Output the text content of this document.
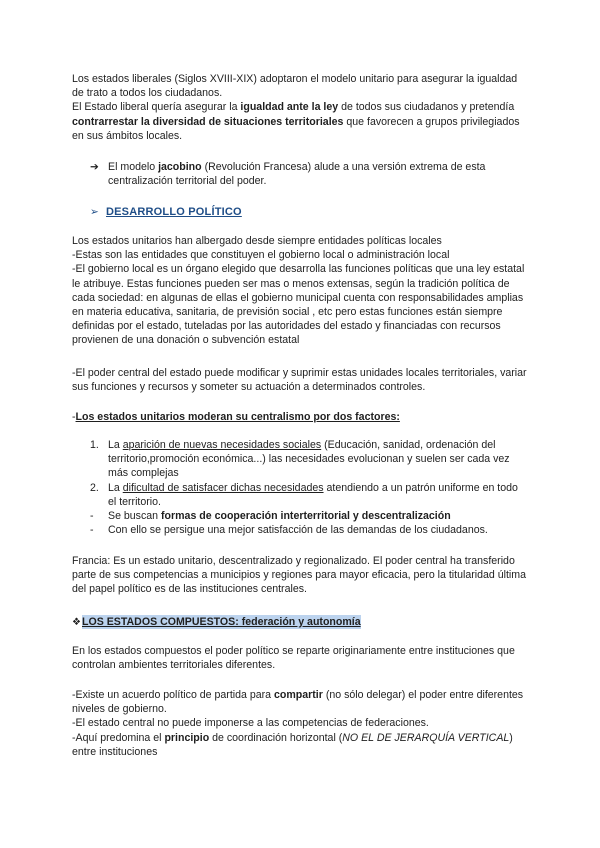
Los estados liberales (Siglos XVIII-XIX) adoptaron el modelo unitario para asegurar la igualdad de trato a todos los ciudadanos.

El Estado liberal quería asegurar la igualdad ante la ley de todos sus ciudadanos y pretendía contrarrestar la diversidad de situaciones territoriales que favorecen a grupos privilegiados en sus ámbitos locales.

➔ El modelo jacobino (Revolución Francesa) alude a una versión extrema de esta centralización territorial del poder.

➢ DESARROLLO POLÍTICO

Los estados unitarios han albergado desde siempre entidades políticas locales

-Estas son las entidades que constituyen el gobierno local o administración local

-El gobierno local es un órgano elegido que desarrolla las funciones políticas que una ley estatal le atribuye. Estas funciones pueden ser mas o menos extensas, según la tradición política de cada sociedad: en algunas de ellas el gobierno municipal cuenta con responsabilidades amplias en materia educativa, sanitaria, de previsión social , etc pero estas funciones están siempre definidas por el estado, tuteladas por las autoridades del estado y financiadas con recursos provienen de una donación o subvención estatal

-El poder central del estado puede modificar y suprimir estas unidades locales territoriales, variar sus funciones y recursos y someter su actuación a determinados controles.

-Los estados unitarios moderan su centralismo por dos factores:

1. La aparición de nuevas necesidades sociales (Educación, sanidad, ordenación del territorio,promoción económica...) las necesidades evolucionan y suelen ser cada vez más complejas
2. La dificultad de satisfacer dichas necesidades atendiendo a un patrón uniforme en todo el territorio.
-	Se buscan formas de cooperación interterritorial y descentralización
-	Con ello se persigue una mejor satisfacción de las demandas de los ciudadanos.

Francia: Es un estado unitario, descentralizado y regionalizado. El poder central ha transferido parte de sus competencias a municipios y regiones para mayor eficacia, pero la titularidad última del papel político es de las instituciones centrales.

❖ LOS ESTADOS COMPUESTOS: federación y autonomía

En los estados compuestos el poder político se reparte originariamente entre instituciones que controlan ambientes territoriales diferentes.

-Existe un acuerdo político de partida para compartir (no sólo delegar) el poder entre diferentes niveles de gobierno.

-El estado central no puede imponerse a las competencias de federaciones.

-Aquí predomina el principio de coordinación horizontal (NO EL DE JERARQUÍA VERTICAL) entre instituciones
